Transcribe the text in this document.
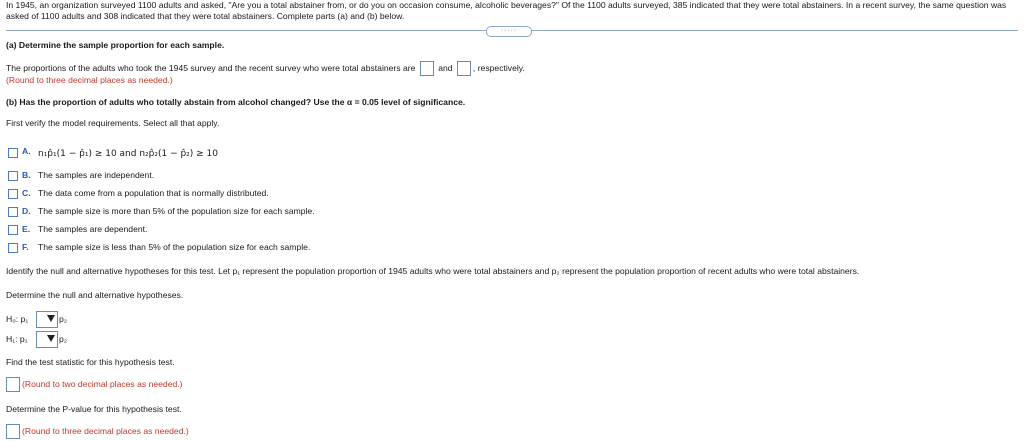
In 1945, an organization surveyed 1100 adults and asked, "Are you a total abstainer from, or do you on occasion consume, alcoholic beverages?" Of the 1100 adults surveyed, 385 indicated that they were total abstainers. In a recent survey, the same question was asked of 1100 adults and 308 indicated that they were total abstainers. Complete parts (a) and (b) below.
·····
(a) Determine the sample proportion for each sample.
The proportions of the adults who took the 1945 survey and the recent survey who were total abstainers are	and , respectively.
(Round to three decimal places as needed.)
(b) Has the proportion of adults who totally abstain from alcohol changed? Use the α = 0.05 level of significance.
First verify the model requirements. Select all that apply.
A. n₁p̂₁(1 − p̂₁) ≥ 10 and n₂p̂₂(1 − p̂₂) ≥ 10
B. The samples are independent.
C. The data come from a population that is normally distributed.
D. The sample size is more than 5% of the population size for each sample.
E. The samples are dependent.
F. The sample size is less than 5% of the population size for each sample.
Identify the null and alternative hypotheses for this test. Let p₁ represent the population proportion of 1945 adults who were total abstainers and p₂ represent the population proportion of recent adults who were total abstainers.
Determine the null and alternative hypotheses.
H₀: p₁	p₂
H₁: p₁	p₂
Find the test statistic for this hypothesis test.
(Round to two decimal places as needed.)
Determine the P-value for this hypothesis test.
(Round to three decimal places as needed.)
